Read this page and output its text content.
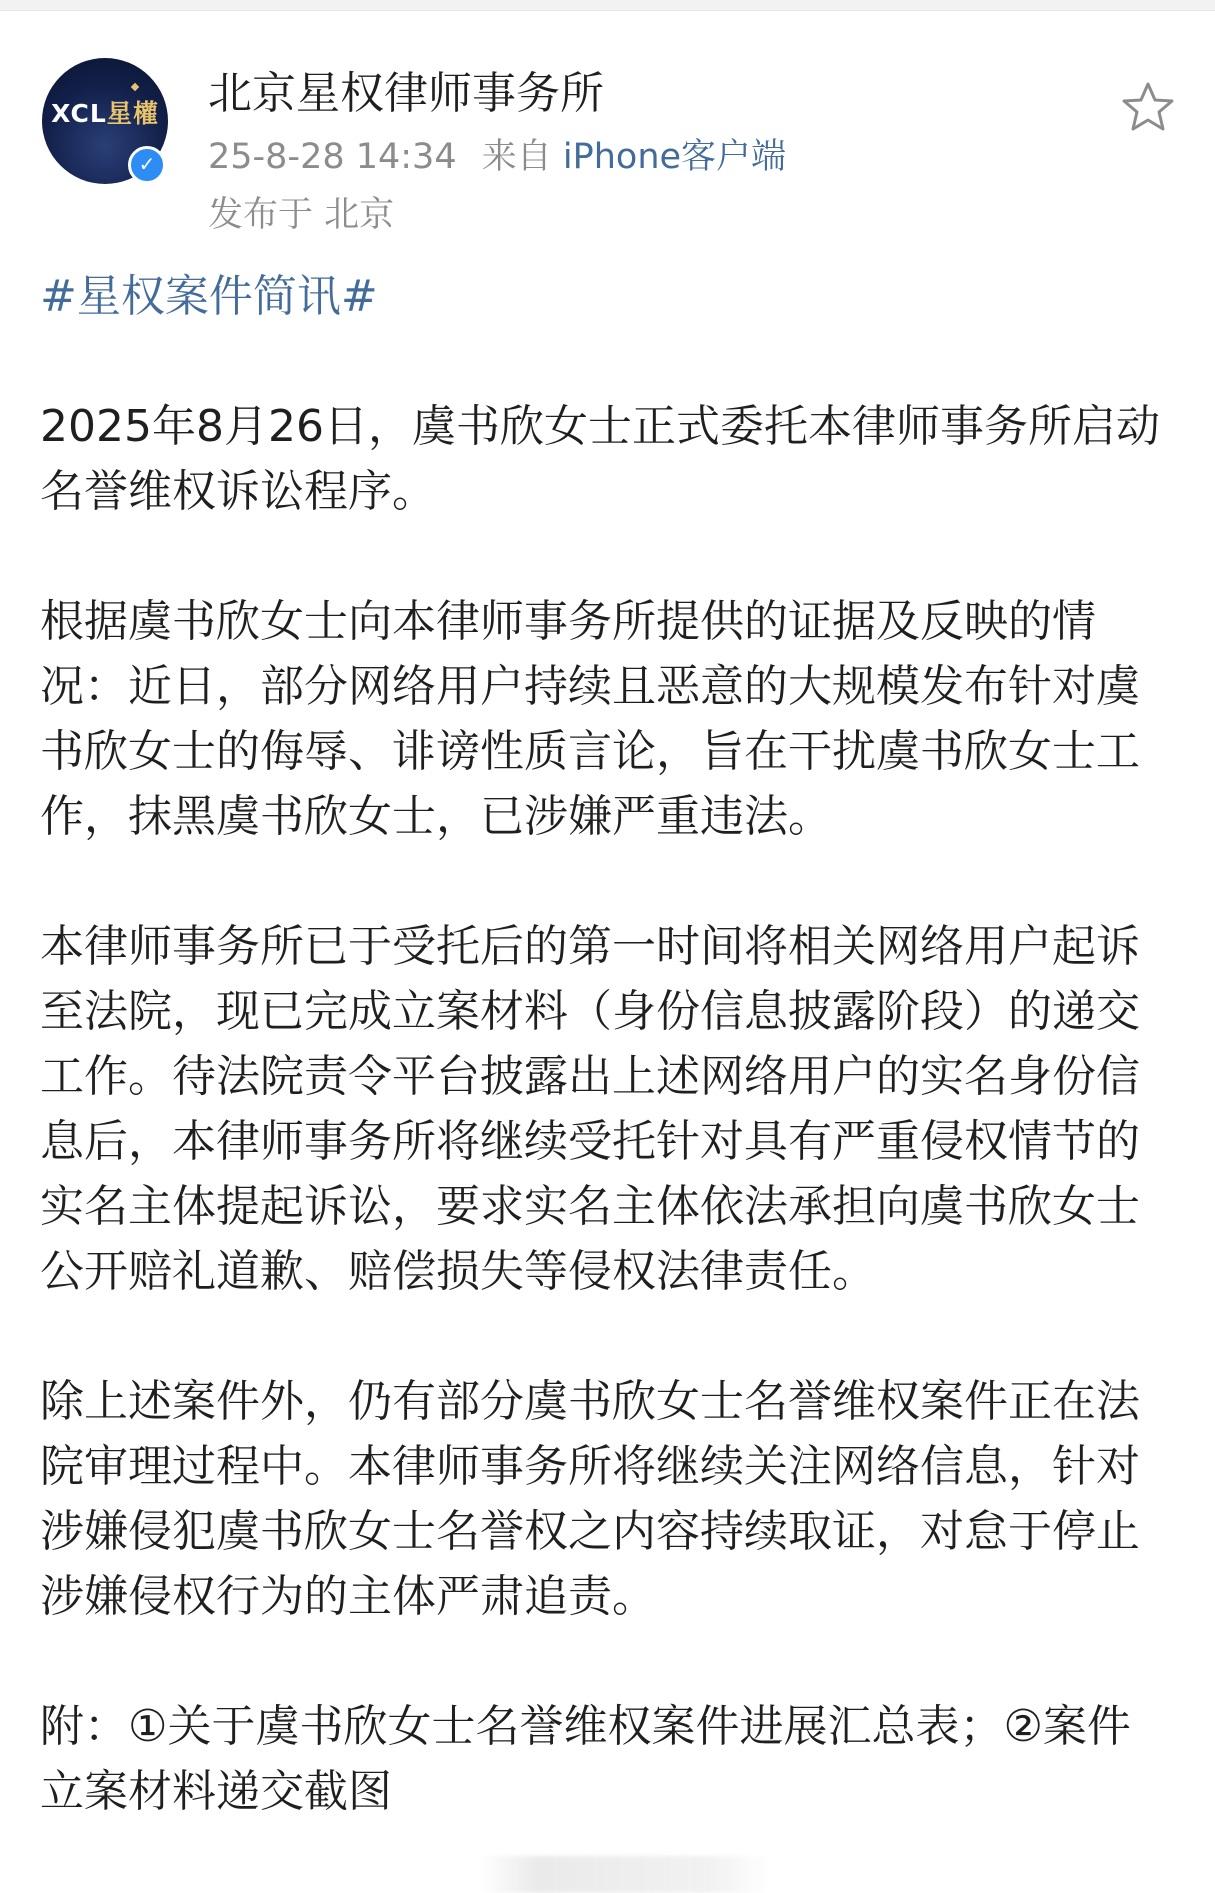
XCL星權
✓
北京星权律师事务所
25-8-28 14:34 来自 iPhone客户端
发布于 北京
#星权案件简讯#

2025年8月26日，虞书欣女士正式委托本律师事务所启动名誉维权诉讼程序。

根据虞书欣女士向本律师事务所提供的证据及反映的情况：近日，部分网络用户持续且恶意的大规模发布针对虞书欣女士的侮辱、诽谤性质言论，旨在干扰虞书欣女士工作，抹黑虞书欣女士，已涉嫌严重违法。

本律师事务所已于受托后的第一时间将相关网络用户起诉至法院，现已完成立案材料（身份信息披露阶段）的递交工作。待法院责令平台披露出上述网络用户的实名身份信息后，本律师事务所将继续受托针对具有严重侵权情节的实名主体提起诉讼，要求实名主体依法承担向虞书欣女士公开赔礼道歉、赔偿损失等侵权法律责任。

除上述案件外，仍有部分虞书欣女士名誉维权案件正在法院审理过程中。本律师事务所将继续关注网络信息，针对涉嫌侵犯虞书欣女士名誉权之内容持续取证，对怠于停止涉嫌侵权行为的主体严肃追责。

附：①关于虞书欣女士名誉维权案件进展汇总表；②案件立案材料递交截图
